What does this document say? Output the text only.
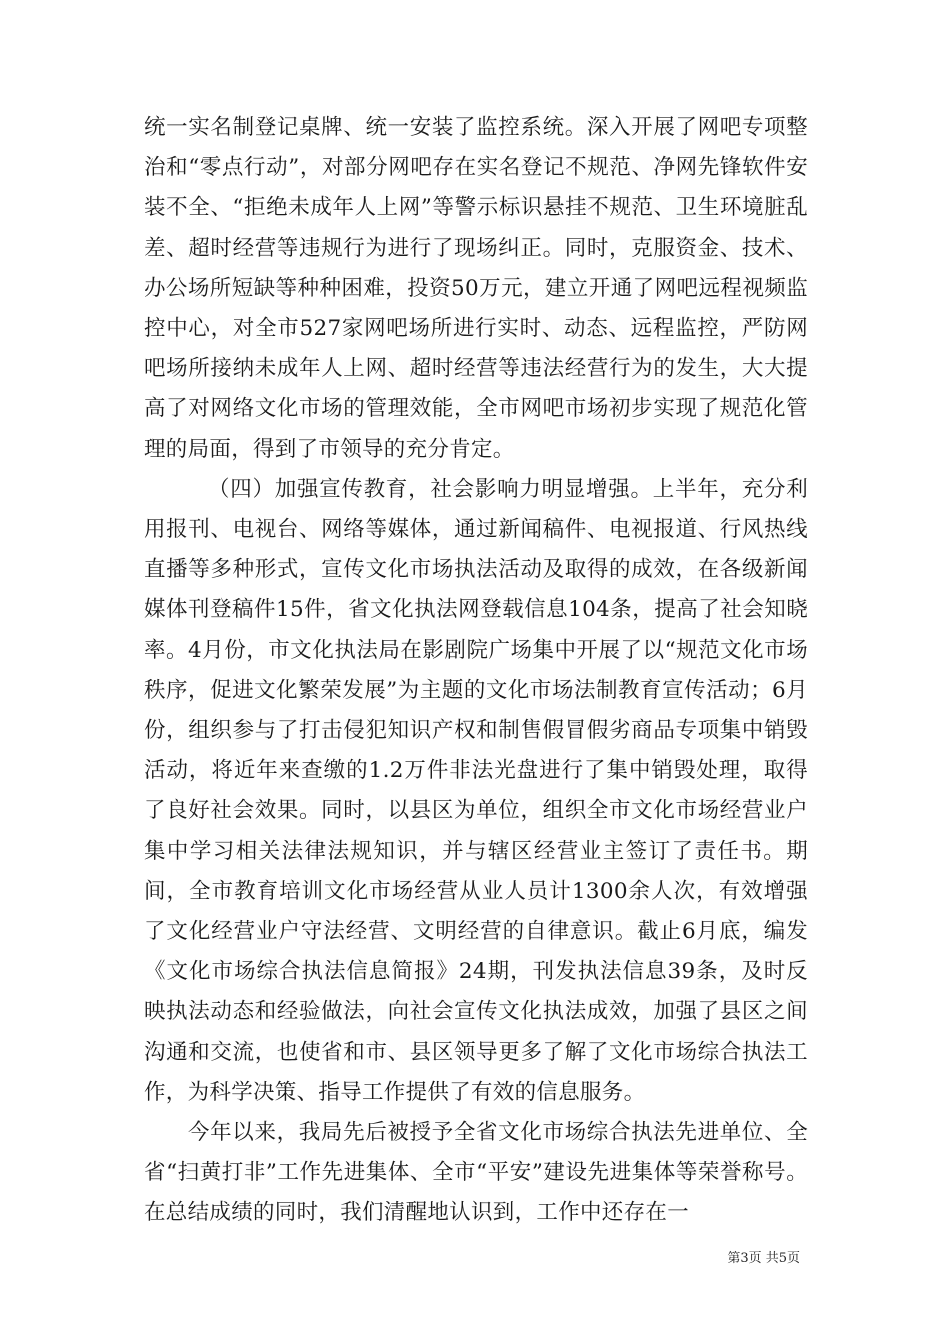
统一实名制登记桌牌、统一安装了监控系统。深入开展了网吧专项整治和“零点行动”，对部分网吧存在实名登记不规范、净网先锋软件安装不全、“拒绝未成年人上网”等警示标识悬挂不规范、卫生环境脏乱差、超时经营等违规行为进行了现场纠正。同时，克服资金、技术、办公场所短缺等种种困难，投资50万元，建立开通了网吧远程视频监控中心，对全市527家网吧场所进行实时、动态、远程监控，严防网吧场所接纳未成年人上网、超时经营等违法经营行为的发生，大大提高了对网络文化市场的管理效能，全市网吧市场初步实现了规范化管理的局面，得到了市领导的充分肯定。

（四）加强宣传教育，社会影响力明显增强。上半年，充分利用报刊、电视台、网络等媒体，通过新闻稿件、电视报道、行风热线直播等多种形式，宣传文化市场执法活动及取得的成效，在各级新闻媒体刊登稿件15件，省文化执法网登载信息104条，提高了社会知晓率。4月份，市文化执法局在影剧院广场集中开展了以“规范文化市场秩序，促进文化繁荣发展”为主题的文化市场法制教育宣传活动；6月份，组织参与了打击侵犯知识产权和制售假冒假劣商品专项集中销毁活动，将近年来查缴的1.2万件非法光盘进行了集中销毁处理，取得了良好社会效果。同时，以县区为单位，组织全市文化市场经营业户集中学习相关法律法规知识，并与辖区经营业主签订了责任书。期间，全市教育培训文化市场经营从业人员计1300余人次，有效增强了文化经营业户守法经营、文明经营的自律意识。截止6月底，编发《文化市场综合执法信息简报》24期，刊发执法信息39条，及时反映执法动态和经验做法，向社会宣传文化执法成效，加强了县区之间沟通和交流，也使省和市、县区领导更多了解了文化市场综合执法工作，为科学决策、指导工作提供了有效的信息服务。

今年以来，我局先后被授予全省文化市场综合执法先进单位、全省“扫黄打非”工作先进集体、全市“平安”建设先进集体等荣誉称号。在总结成绩的同时，我们清醒地认识到，工作中还存在一

第3页 共5页
